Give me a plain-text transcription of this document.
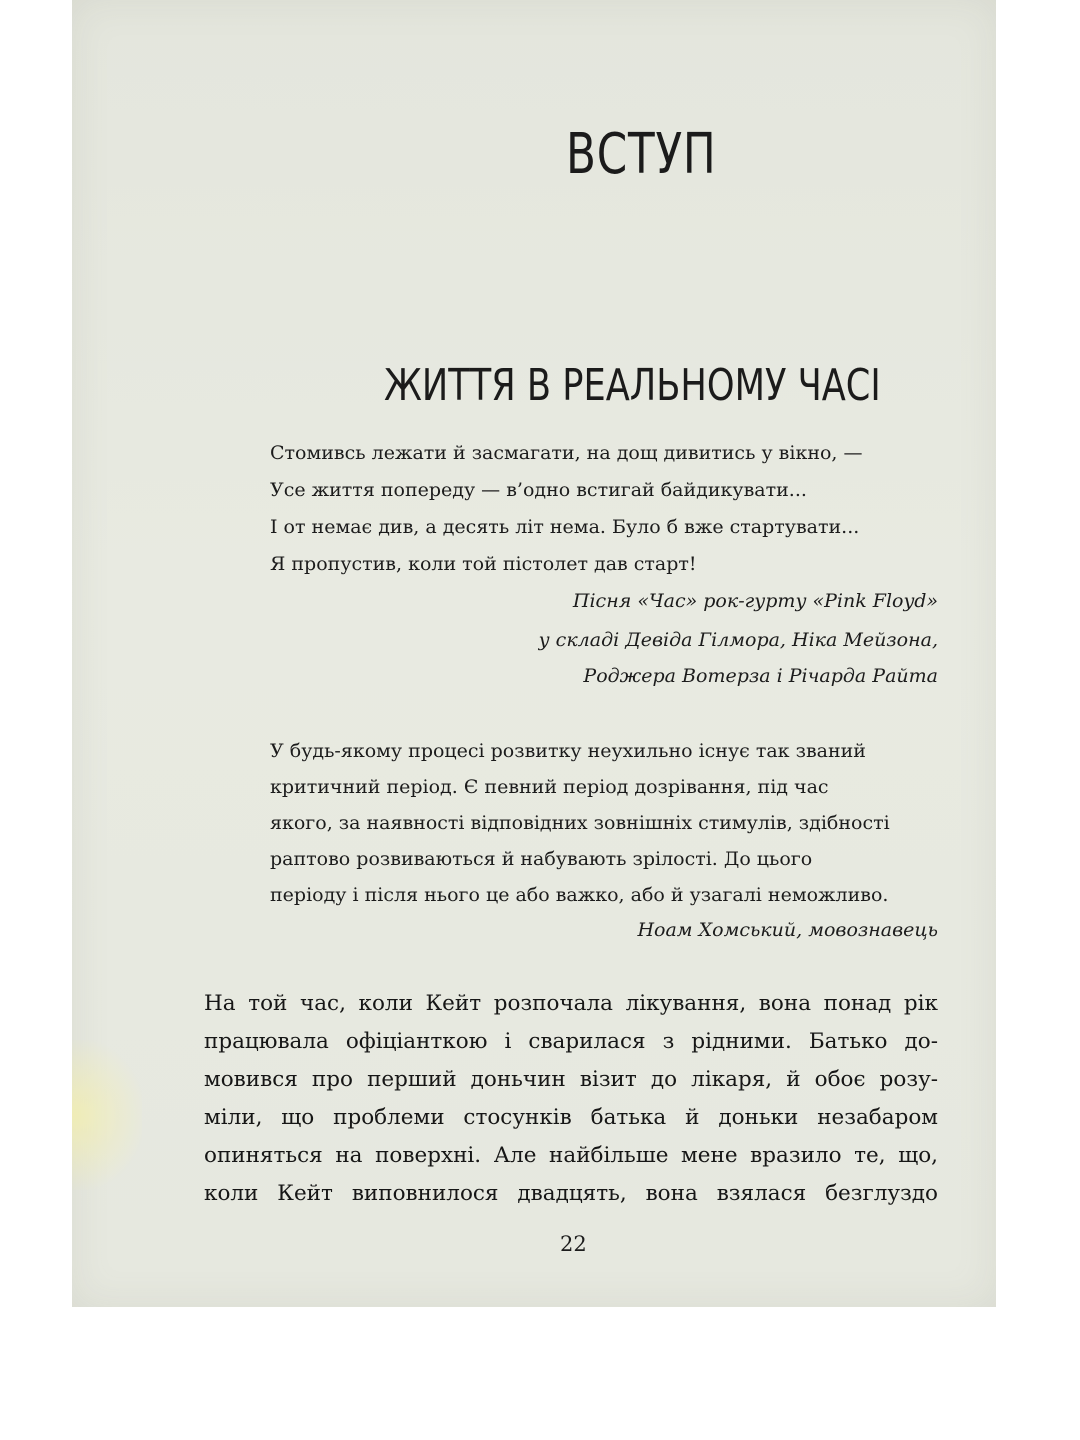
ВСТУП
ЖИТТЯ В РЕАЛЬНОМУ ЧАСІ
Стомивсь лежати й засмагати, на дощ дивитись у вікно, —
Усе життя попереду — в’одно встигай байдикувати...
І от немає див, а десять літ нема. Було б вже стартувати...
Я пропустив, коли той пістолет дав старт!
Пісня «Час» рок-гурту «Pink Floyd»
у складі Девіда Гілмора, Ніка Мейзона,
Роджера Вотерза і Річарда Райта
У будь-якому процесі розвитку неухильно існує так званий
критичний період. Є певний період дозрівання, під час
якого, за наявності відповідних зовнішніх стимулів, здібності
раптово розвиваються й набувають зрілості. До цього
періоду і після нього це або важко, або й узагалі неможливо.
Ноам Хомський, мовознавець
На той час, коли Кейт розпочала лікування, вона понад рік
працювала офіціанткою і сварилася з рідними. Батько до-
мовився про перший доньчин візит до лікаря, й обоє розу-
міли, що проблеми стосунків батька й доньки незабаром
опиняться на поверхні. Але найбільше мене вразило те, що,
коли Кейт виповнилося двадцять, вона взялася безглуздо
22
